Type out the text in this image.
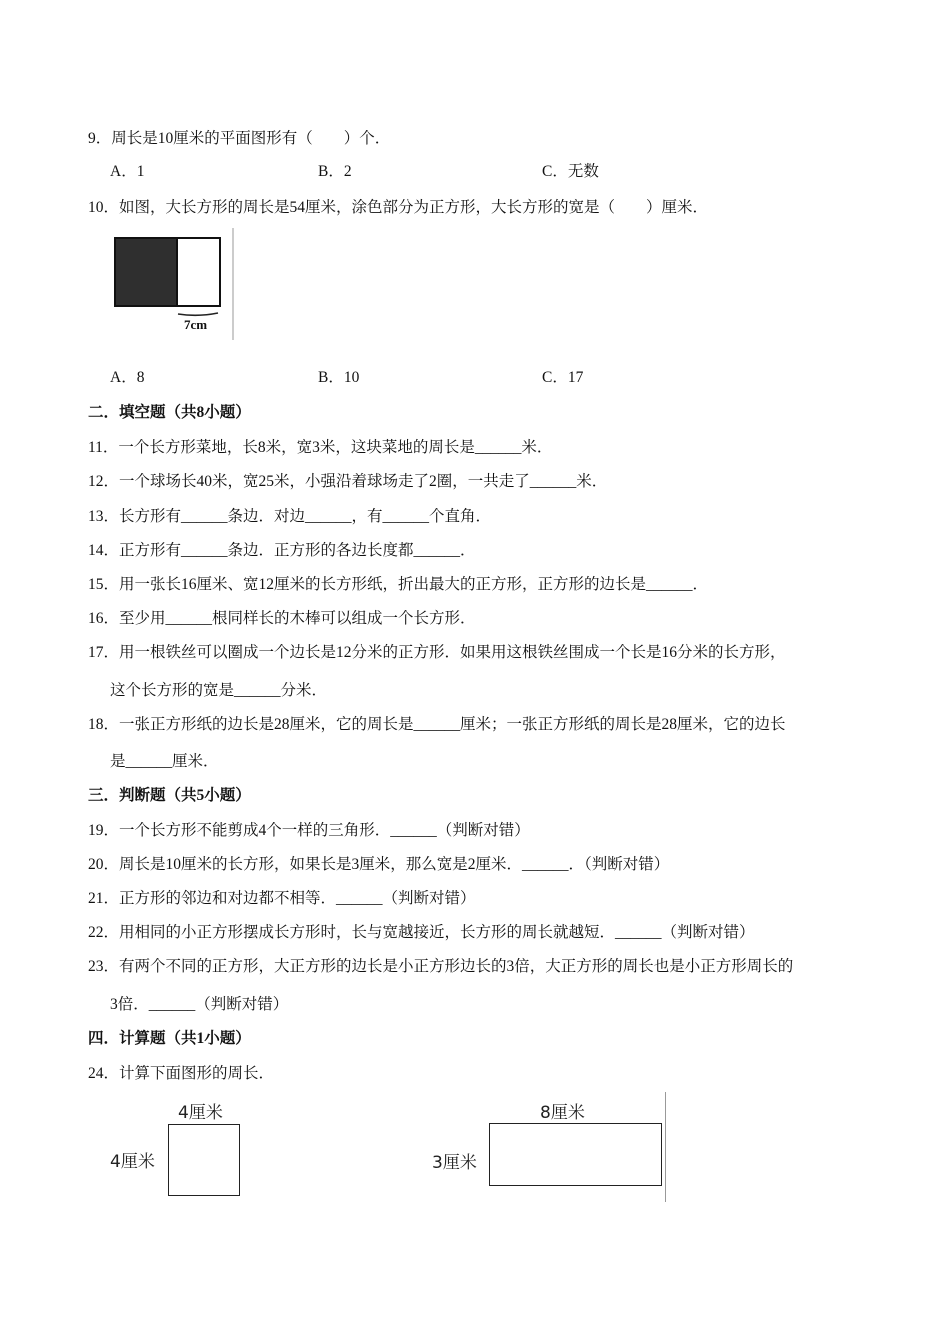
9．周长是10厘米的平面图形有（　　）个．
A．1	B．2	C．无数
10．如图，大长方形的周长是54厘米，涂色部分为正方形，大长方形的宽是（　　）厘米．
7cm
A．8	B．10	C．17
二．填空题（共8小题）
11．一个长方形菜地，长8米，宽3米，这块菜地的周长是______米．
12．一个球场长40米，宽25米，小强沿着球场走了2圈，一共走了______米．
13．长方形有______条边．对边______，有______个直角．
14．正方形有______条边．正方形的各边长度都______．
15．用一张长16厘米、宽12厘米的长方形纸，折出最大的正方形，正方形的边长是______．
16．至少用______根同样长的木棒可以组成一个长方形．
17．用一根铁丝可以圈成一个边长是12分米的正方形．如果用这根铁丝围成一个长是16分米的长方形，
这个长方形的宽是______分米．
18．一张正方形纸的边长是28厘米，它的周长是______厘米；一张正方形纸的周长是28厘米，它的边长
是______厘米．
三．判断题（共5小题）
19．一个长方形不能剪成4个一样的三角形．______（判断对错）
20．周长是10厘米的长方形，如果长是3厘米，那么宽是2厘米．______．（判断对错）
21．正方形的邻边和对边都不相等．______（判断对错）
22．用相同的小正方形摆成长方形时，长与宽越接近，长方形的周长就越短．______（判断对错）
23．有两个不同的正方形，大正方形的边长是小正方形边长的3倍，大正方形的周长也是小正方形周长的
3倍．______（判断对错）
四．计算题（共1小题）
24．计算下面图形的周长．
4厘米
4厘米
8厘米
3厘米
